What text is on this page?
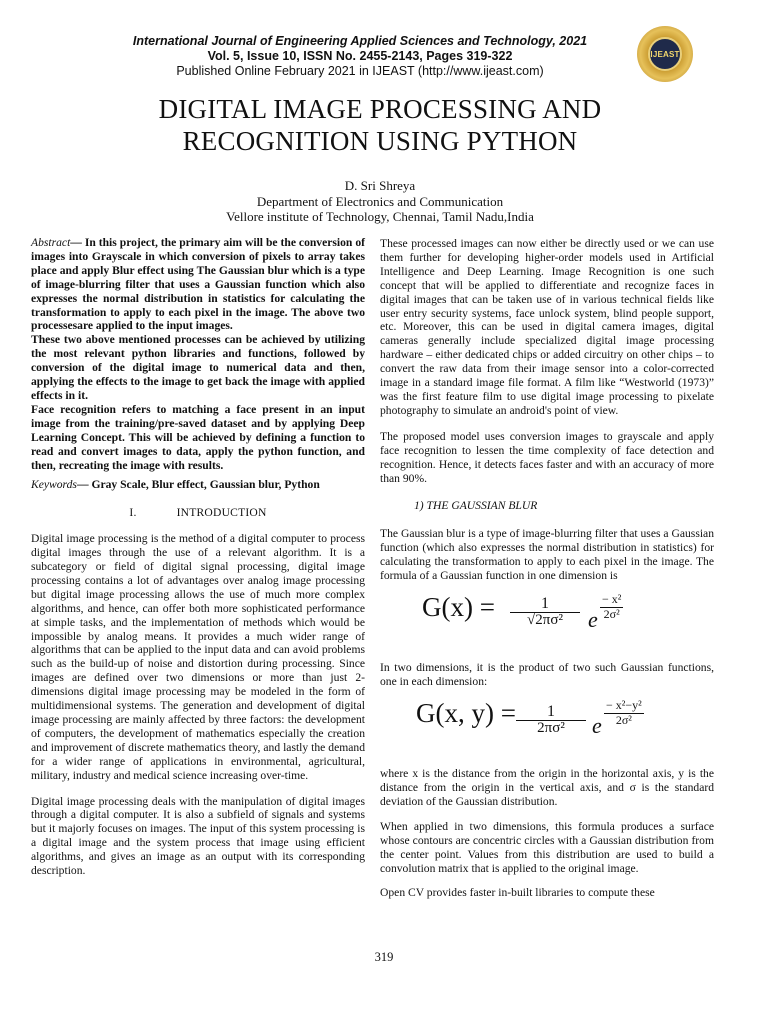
International Journal of Engineering Applied Sciences and Technology, 2021
Vol. 5, Issue 10, ISSN No. 2455-2143, Pages 319-322
Published Online February 2021 in IJEAST (http://www.ijeast.com)
IJEAST
DIGITAL IMAGE PROCESSING AND
RECOGNITION USING PYTHON
D. Sri Shreya
Department of Electronics and Communication
Vellore institute of Technology, Chennai, Tamil Nadu,India

Abstract— In this project, the primary aim will be the conversion of images into Grayscale in which conversion of pixels to array takes place and apply Blur effect using The Gaussian blur which is a type of image-blurring filter that uses a Gaussian function which also expresses the normal distribution in statistics for calculating the transformation to apply to each pixel in the image. The above two processesare applied to the input images.

These two above mentioned processes can be achieved by utilizing the most relevant python libraries and functions, followed by conversion of the digital image to numerical data and then, applying the effects to the image to get back the image with applied effects in it.

Face recognition refers to matching a face present in an input image from the training/pre-saved dataset and by applying Deep Learning Concept. This will be achieved by defining a function to read and convert images to data, apply the python function, and then, recreating the image with results.

Keywords— Gray Scale, Blur effect, Gaussian blur, Python
I.	INTRODUCTION

Digital image processing is the method of a digital computer to process digital images through the use of a relevant algorithm. It is a subcategory or field of digital signal processing, digital image processing contains a lot of advantages over analog image processing but digital image processing allows the use of much more complex algorithms, and hence, can offer both more sophisticated performance at simple tasks, and the implementation of methods which would be impossible by analog means. It provides a much wider range of algorithms that can be applied to the input data and can avoid problems such as the build-up of noise and distortion during processing. Since images are defined over two dimensions or more than just 2-dimensions digital image processing may be modeled in the form of multidimensional systems. The generation and development of digital image processing are mainly affected by three factors: the development of computers, the development of mathematics especially the creation and improvement of discrete mathematics theory, and lastly the demand for a wider range of applications in environmental, agricultural, military, industry and medical science increasing over-time.

Digital image processing deals with the manipulation of digital images through a digital computer. It is also a subfield of signals and systems but it majorly focuses on images. The input of this system processing is a digital image and the system process that image using efficient algorithms, and gives an image as an output with its corresponding description.

These processed images can now either be directly used or we can use them further for developing higher-order models used in Artificial Intelligence and Deep Learning. Image Recognition is one such concept that will be applied to differentiate and recognize faces in digital images that can be taken use of in various technical fields like user entry security systems, face unlock system, blind people support, etc. Moreover, this can be used in digital camera images, digital cameras generally include specialized digital image processing hardware – either dedicated chips or added circuitry on other chips – to convert the raw data from their image sensor into a color-corrected image in a standard image file format. A film like “Westworld (1973)” was the first feature film to use digital image processing to pixelate photography to simulate an android's point of view.

The proposed model uses conversion images to grayscale and apply face recognition to lessen the time complexity of face detection and recognition. Hence, it detects faces faster and with an accuracy of more than 90%.

1) THE GAUSSIAN BLUR

The Gaussian blur is a type of image-blurring filter that uses a Gaussian function (which also expresses the normal distribution in statistics) for calculating the transformation to apply to each pixel in the image. The formula of a Gaussian function in one dimension is

$G(x) = \frac{1}{\text{√2πσ²}}$ e $\frac{\text{− x²}}{\text{2σ²}}$

In two dimensions, it is the product of two such Gaussian functions, one in each dimension:

G(x, $y) = \frac{1}{\text{2πσ²}}$ e $\frac{\text{− x²−y²}}{\text{2σ²}}$

where x is the distance from the origin in the horizontal axis, y is the distance from the origin in the vertical axis, and σ is the standard deviation of the Gaussian distribution.

When applied in two dimensions, this formula produces a surface whose contours are concentric circles with a Gaussian distribution from the center point. Values from this distribution are used to build a convolution matrix that is applied to the original image.

Open CV provides faster in-built libraries to compute these

319
